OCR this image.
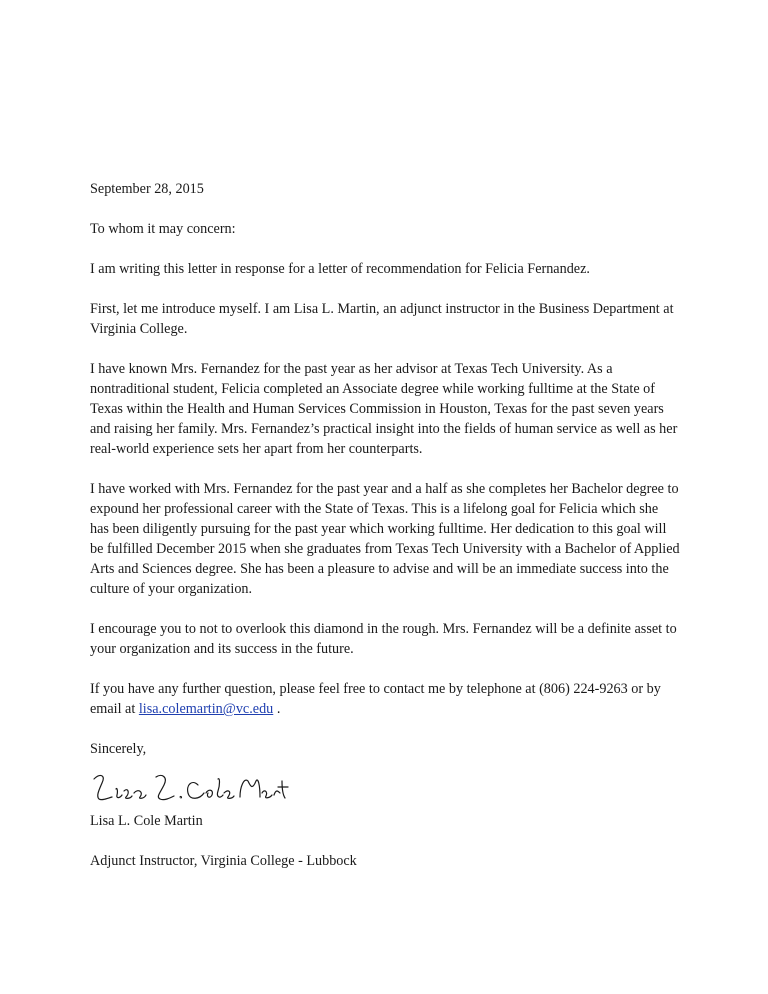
September 28, 2015

To whom it may concern:

I am writing this letter in response for a letter of recommendation for Felicia Fernandez.

First, let me introduce myself. I am Lisa L. Martin, an adjunct instructor in the Business Department at Virginia College.

I have known Mrs. Fernandez for the past year as her advisor at Texas Tech University. As a nontraditional student, Felicia completed an Associate degree while working fulltime at the State of Texas within the Health and Human Services Commission in Houston, Texas for the past seven years and raising her family. Mrs. Fernandez’s practical insight into the fields of human service as well as her real-world experience sets her apart from her counterparts.

I have worked with Mrs. Fernandez for the past year and a half as she completes her Bachelor degree to expound her professional career with the State of Texas. This is a lifelong goal for Felicia which she has been diligently pursuing for the past year which working fulltime. Her dedication to this goal will be fulfilled December 2015 when she graduates from Texas Tech University with a Bachelor of Applied Arts and Sciences degree. She has been a pleasure to advise and will be an immediate success into the culture of your organization.

I encourage you to not to overlook this diamond in the rough. Mrs. Fernandez will be a definite asset to your organization and its success in the future.

If you have any further question, please feel free to contact me by telephone at (806) 224-9263 or by email at lisa.colemartin@vc.edu .

Sincerely,

Lisa L. Cole Martin

Adjunct Instructor, Virginia College - Lubbock
